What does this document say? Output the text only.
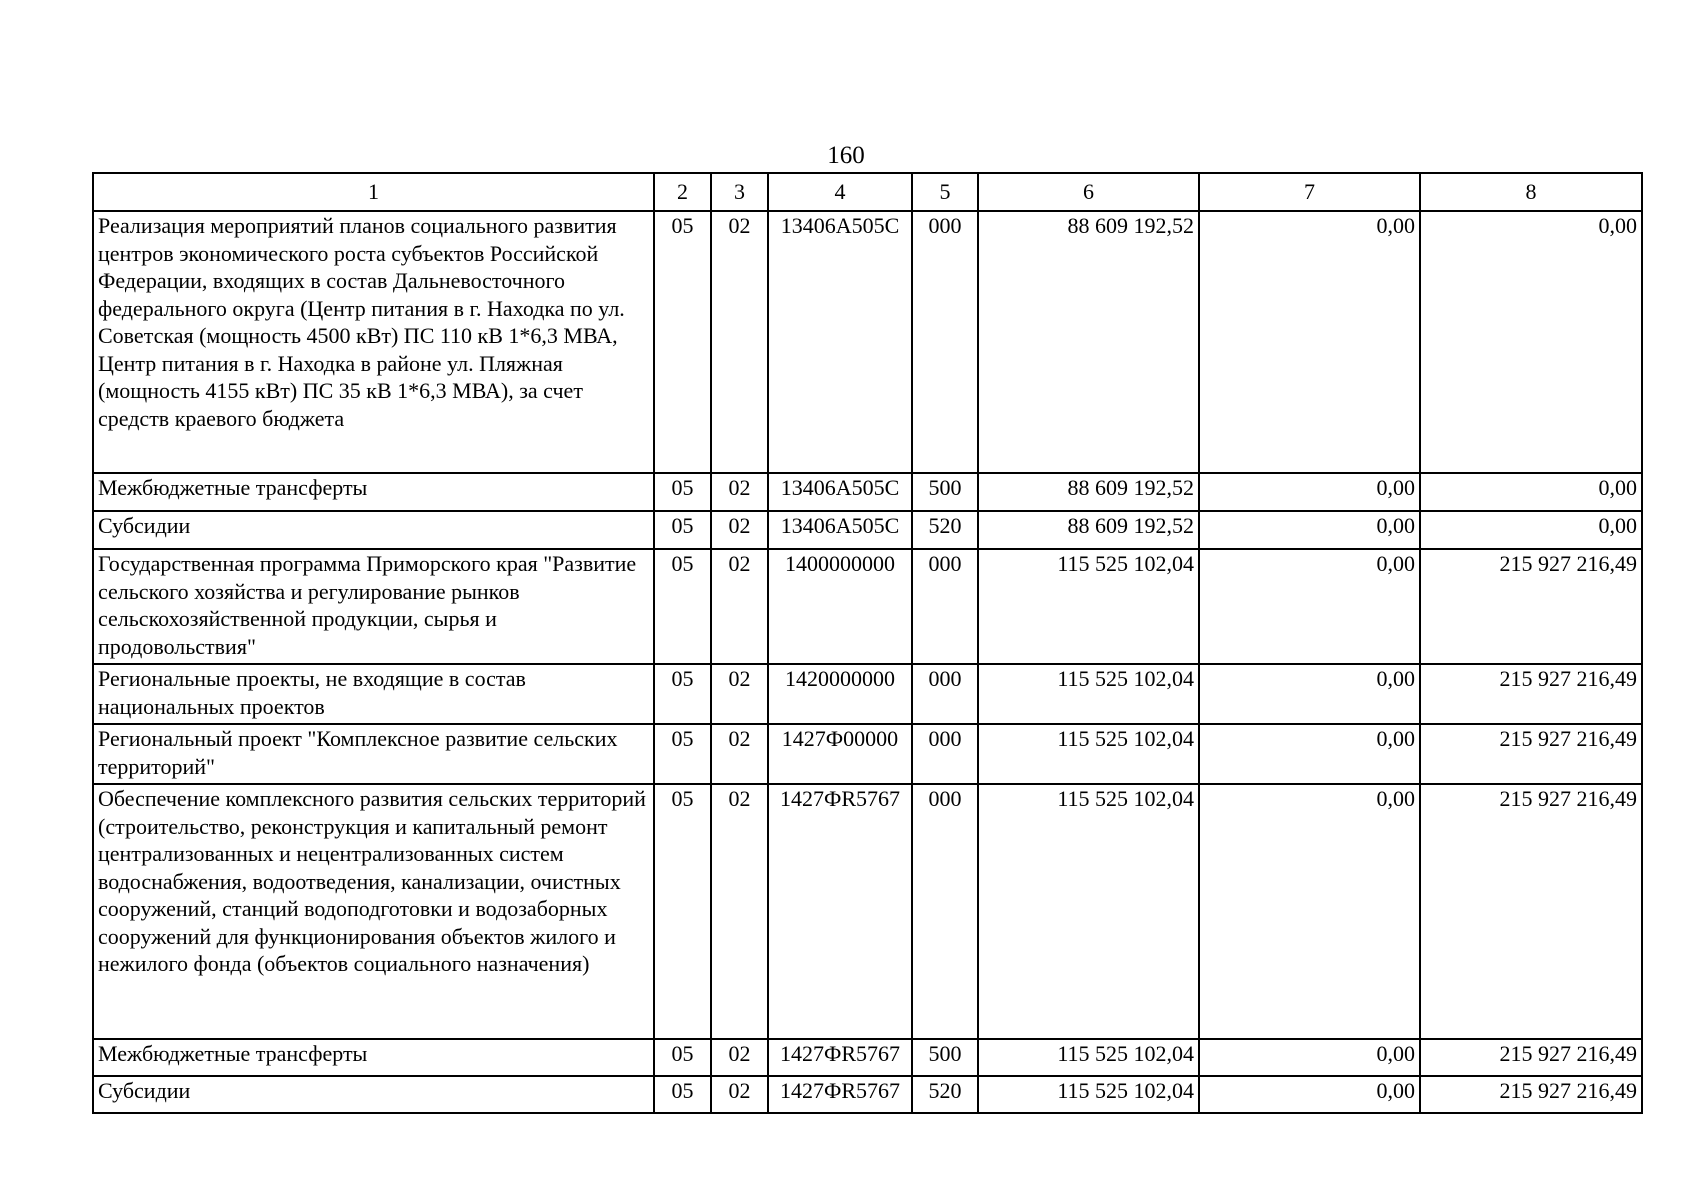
160
1	2	3	4	5	6	7	8
Реализация мероприятий планов социального развития центров экономического роста субъектов Российской Федерации, входящих в состав Дальневосточного федерального округа (Центр питания в г. Находка по ул. Советская (мощность 4500 кВт) ПС 110 кВ 1*6,3 МВА, Центр питания в г. Находка в районе ул. Пляжная (мощность 4155 кВт) ПС 35 кВ 1*6,3 МВА), за счет средств краевого бюджета	05	02	13406A505C	000	88 609 192,52	0,00	0,00
Межбюджетные трансферты	05	02	13406A505C	500	88 609 192,52	0,00	0,00
Субсидии	05	02	13406A505C	520	88 609 192,52	0,00	0,00
Государственная программа Приморского края "Развитие сельского хозяйства и регулирование рынков сельскохозяйственной продукции, сырья и продовольствия"	05	02	1400000000	000	115 525 102,04	0,00	215 927 216,49
Региональные проекты, не входящие в состав национальных проектов	05	02	1420000000	000	115 525 102,04	0,00	215 927 216,49
Региональный проект "Комплексное развитие сельских территорий"	05	02	1427Ф00000	000	115 525 102,04	0,00	215 927 216,49
Обеспечение комплексного развития сельских территорий (строительство, реконструкция и капитальный ремонт централизованных и нецентрализованных систем водоснабжения, водоотведения, канализации, очистных сооружений, станций водоподготовки и водозаборных сооружений для функционирования объектов жилого и нежилого фонда (объектов социального назначения)	05	02	1427ФR5767	000	115 525 102,04	0,00	215 927 216,49
Межбюджетные трансферты	05	02	1427ФR5767	500	115 525 102,04	0,00	215 927 216,49
Субсидии	05	02	1427ФR5767	520	115 525 102,04	0,00	215 927 216,49
